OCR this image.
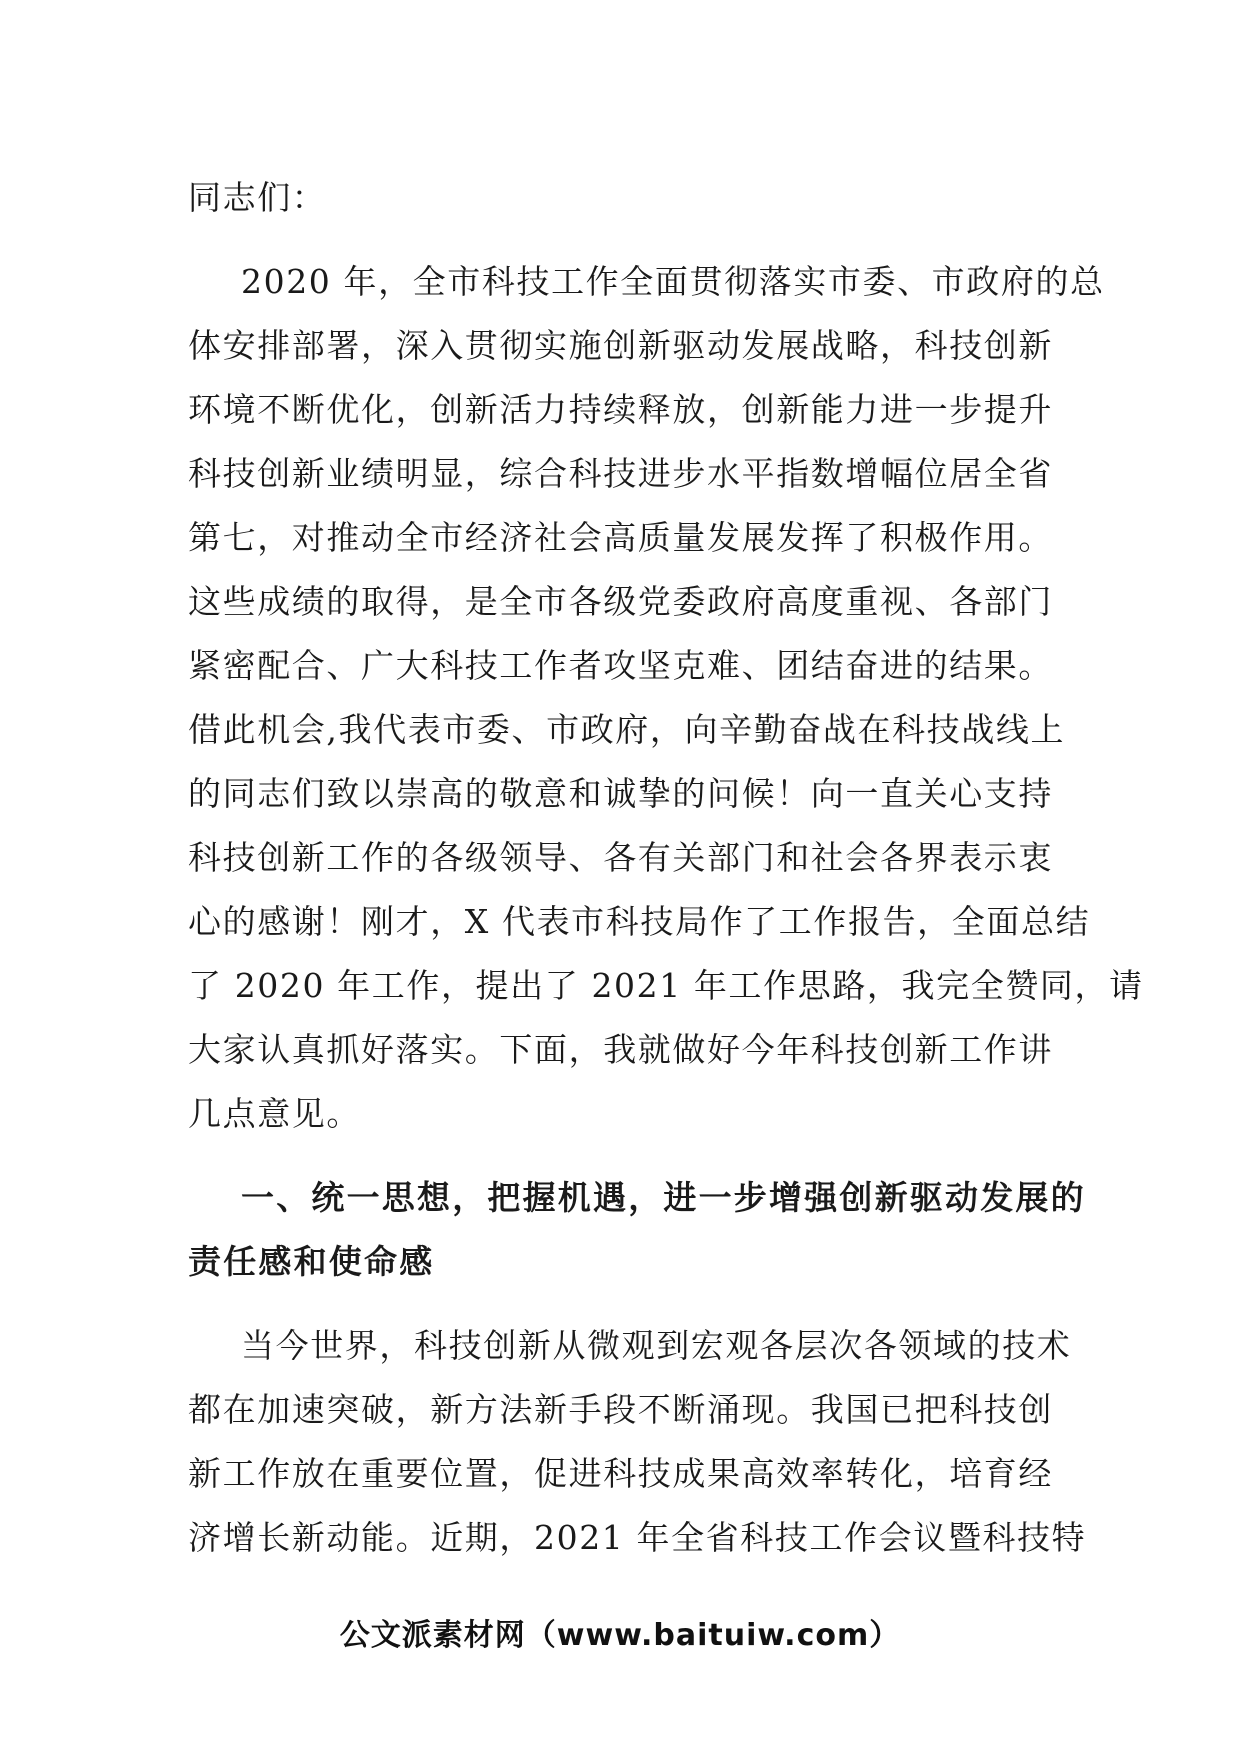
同志们：
2020 年，全市科技工作全面贯彻落实市委、市政府的总
体安排部署，深入贯彻实施创新驱动发展战略，科技创新
环境不断优化，创新活力持续释放，创新能力进一步提升
科技创新业绩明显，综合科技进步水平指数增幅位居全省
第七，对推动全市经济社会高质量发展发挥了积极作用。
这些成绩的取得，是全市各级党委政府高度重视、各部门
紧密配合、广大科技工作者攻坚克难、团结奋进的结果。
借此机会,我代表市委、市政府，向辛勤奋战在科技战线上
的同志们致以崇高的敬意和诚挚的问候！向一直关心支持
科技创新工作的各级领导、各有关部门和社会各界表示衷
心的感谢！刚才，X 代表市科技局作了工作报告，全面总结
了 2020 年工作，提出了 2021 年工作思路，我完全赞同，请
大家认真抓好落实。下面，我就做好今年科技创新工作讲
几点意见。
一、统一思想，把握机遇，进一步增强创新驱动发展的
责任感和使命感
当今世界，科技创新从微观到宏观各层次各领域的技术
都在加速突破，新方法新手段不断涌现。我国已把科技创
新工作放在重要位置，促进科技成果高效率转化，培育经
济增长新动能。近期，2021 年全省科技工作会议暨科技特
公文派素材网（www.baituiw.com）
